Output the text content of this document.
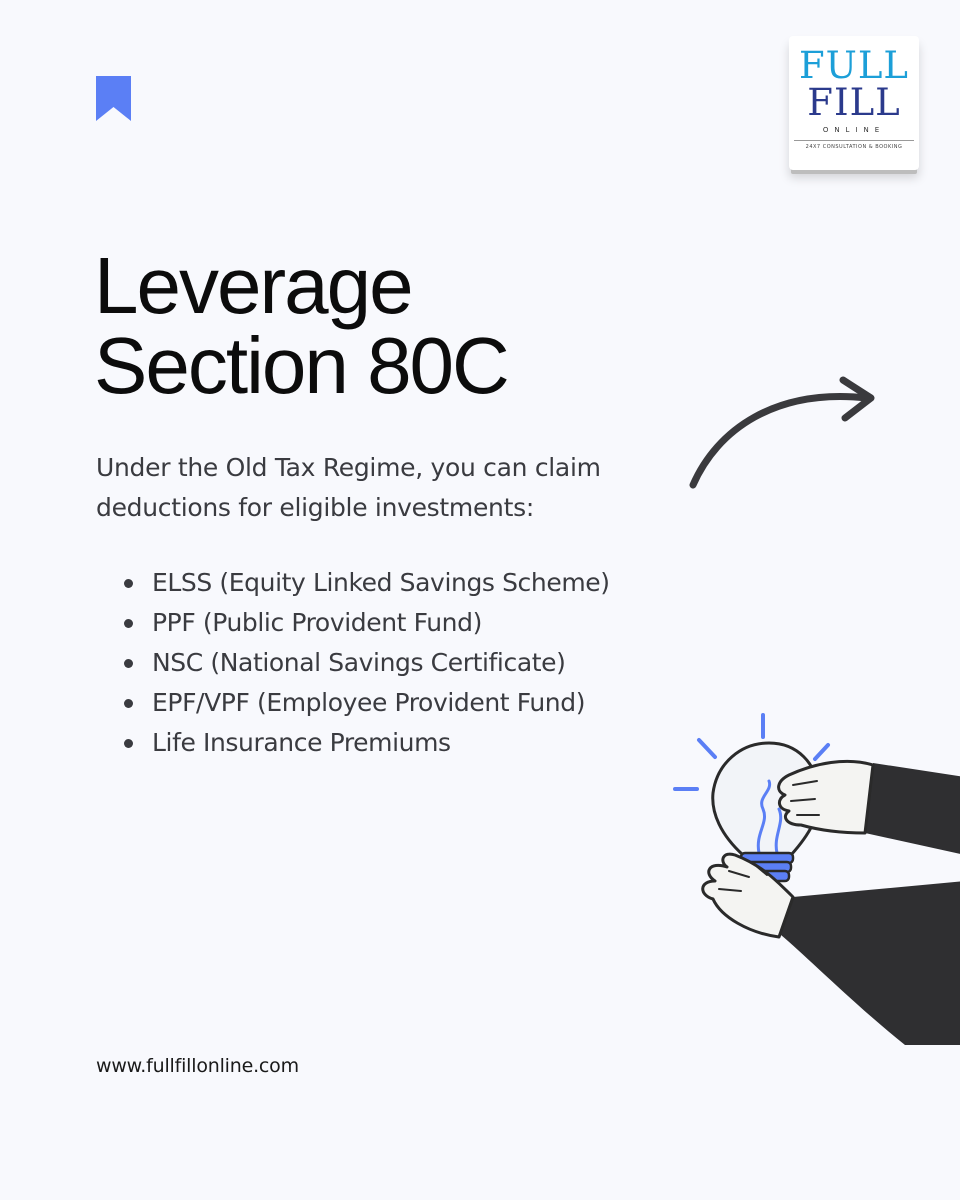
FULL
FILL
ONLINE
24X7 CONSULTATION & BOOKING
Leverage
Section 80C

Under the Old Tax Regime, you can claim
deductions for eligible investments:

ELSS (Equity Linked Savings Scheme)
PPF (Public Provident Fund)
NSC (National Savings Certificate)
EPF/VPF (Employee Provident Fund)
Life Insurance Premiums
www.fullfillonline.com
